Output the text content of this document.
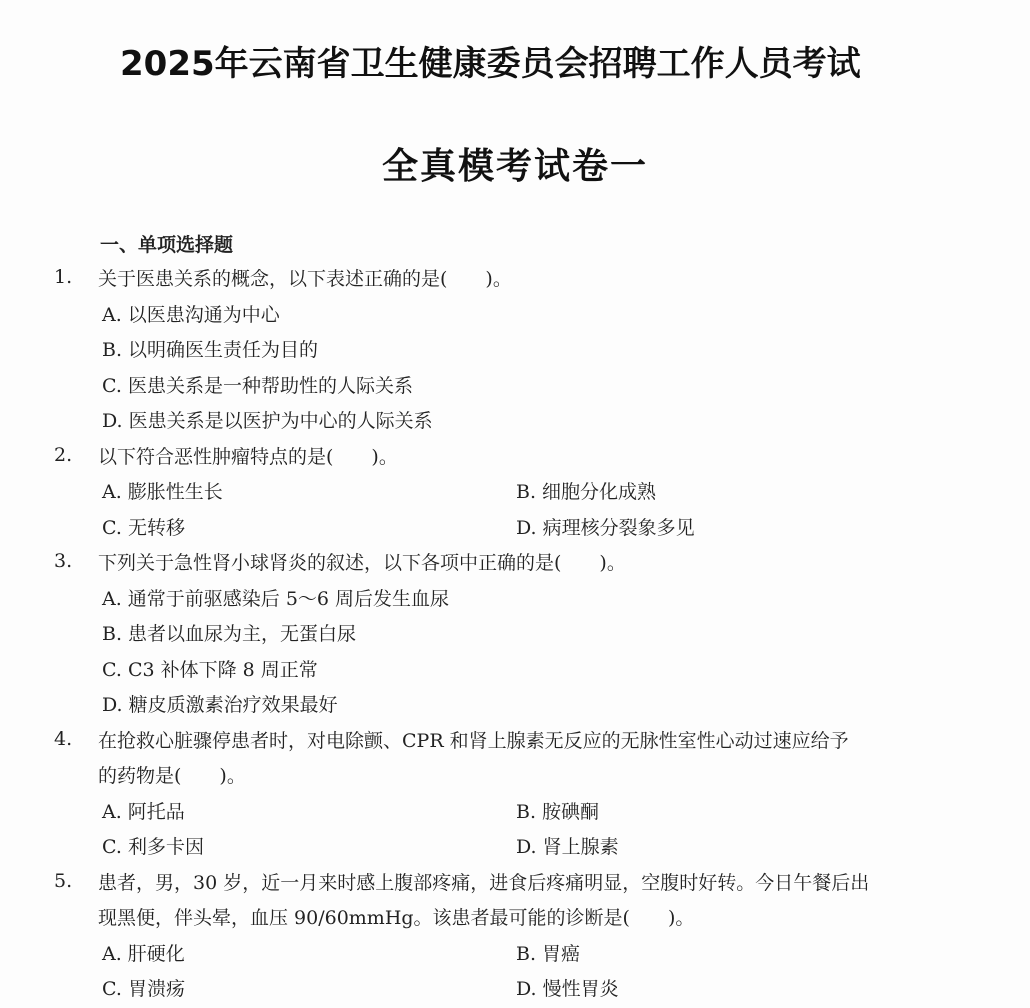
2025年云南省卫生健康委员会招聘工作人员考试
全真模考试卷一
一、单项选择题
1. 关于医患关系的概念，以下表述正确的是(　　)。
A. 以医患沟通为中心
B. 以明确医生责任为目的
C. 医患关系是一种帮助性的人际关系
D. 医患关系是以医护为中心的人际关系
2. 以下符合恶性肿瘤特点的是(　　)。
A. 膨胀性生长	B. 细胞分化成熟
C. 无转移	D. 病理核分裂象多见
3. 下列关于急性肾小球肾炎的叙述，以下各项中正确的是(　　)。
A. 通常于前驱感染后 5～6 周后发生血尿
B. 患者以血尿为主，无蛋白尿
C. C3 补体下降 8 周正常
D. 糖皮质激素治疗效果最好
4. 在抢救心脏骤停患者时，对电除颤、CPR 和肾上腺素无反应的无脉性室性心动过速应给予
的药物是(　　)。
A. 阿托品	B. 胺碘酮
C. 利多卡因	D. 肾上腺素
5. 患者，男，30 岁，近一月来时感上腹部疼痛，进食后疼痛明显，空腹时好转。今日午餐后出
现黑便，伴头晕，血压 90/60mmHg。该患者最可能的诊断是(　　)。
A. 肝硬化	B. 胃癌
C. 胃溃疡	D. 慢性胃炎
